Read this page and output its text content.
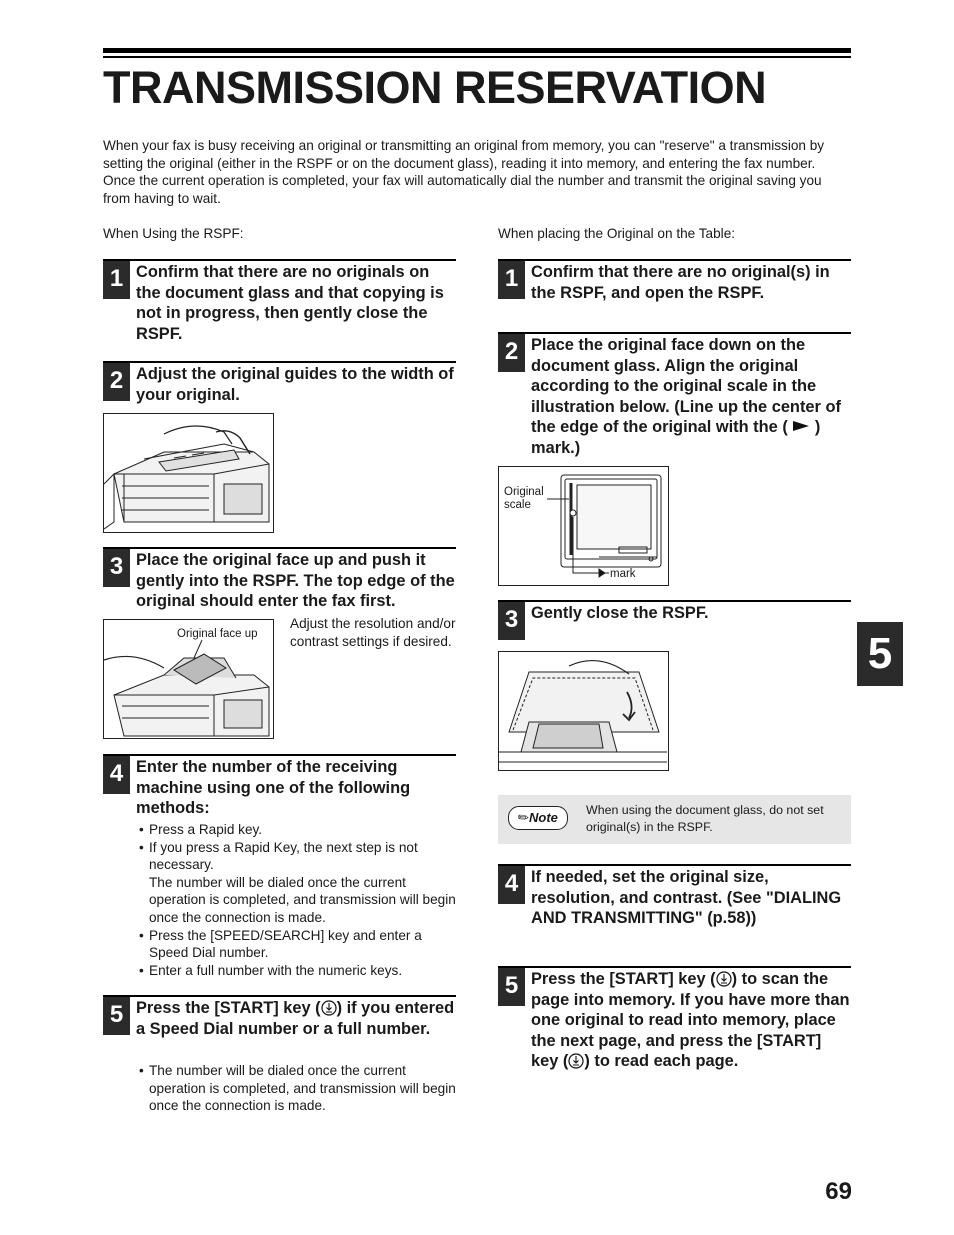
TRANSMISSION RESERVATION

When your fax is busy receiving an original or transmitting an original from memory, you can "reserve" a transmission by setting the original (either in the RSPF or on the document glass), reading it into memory, and entering the fax number. Once the current operation is completed, your fax will automatically dial the number and transmit the original saving you from having to wait.

When Using the RSPF:
1 Confirm that there are no originals on the document glass and that copying is not in progress, then gently close the RSPF.

2 Adjust the original guides to the width of your original.

3 Place the original face up and push it gently into the RSPF. The top edge of the original should enter the fax first.

Original face up

Adjust the resolution and/or contrast settings if desired.

4 Enter the number of the receiving machine using one of the following methods:

• Press a Rapid key.
• If you press a Rapid Key, the next step is not necessary.
The number will be dialed once the current operation is completed, and transmission will begin once the connection is made.
• Press the [SPEED/SEARCH] key and enter a Speed Dial number.
• Enter a full number with the numeric keys.
5 Press the [START] key ( ) if you entered a Speed Dial number or a full number.

• The number will be dialed once the current operation is completed, and transmission will begin once the connection is made.
When placing the Original on the Table:
1 Confirm that there are no original(s) in the RSPF, and open the RSPF.

2 Place the original face down on the document glass. Align the original according to the original scale in the illustration below. (Line up the center of the edge of the original with the ( ) mark.)

Original
scale
mark
3 Gently close the RSPF.

✎Note	When using the document glass, do not set original(s) in the RSPF.
4 If needed, set the original size, resolution, and contrast. (See "DIALING AND TRANSMITTING" (p.58))

5 Press the [START] key ( ) to scan the page into memory. If you have more than one original to read into memory, place the next page, and press the [START] key ( ) to read each page.

5
69
